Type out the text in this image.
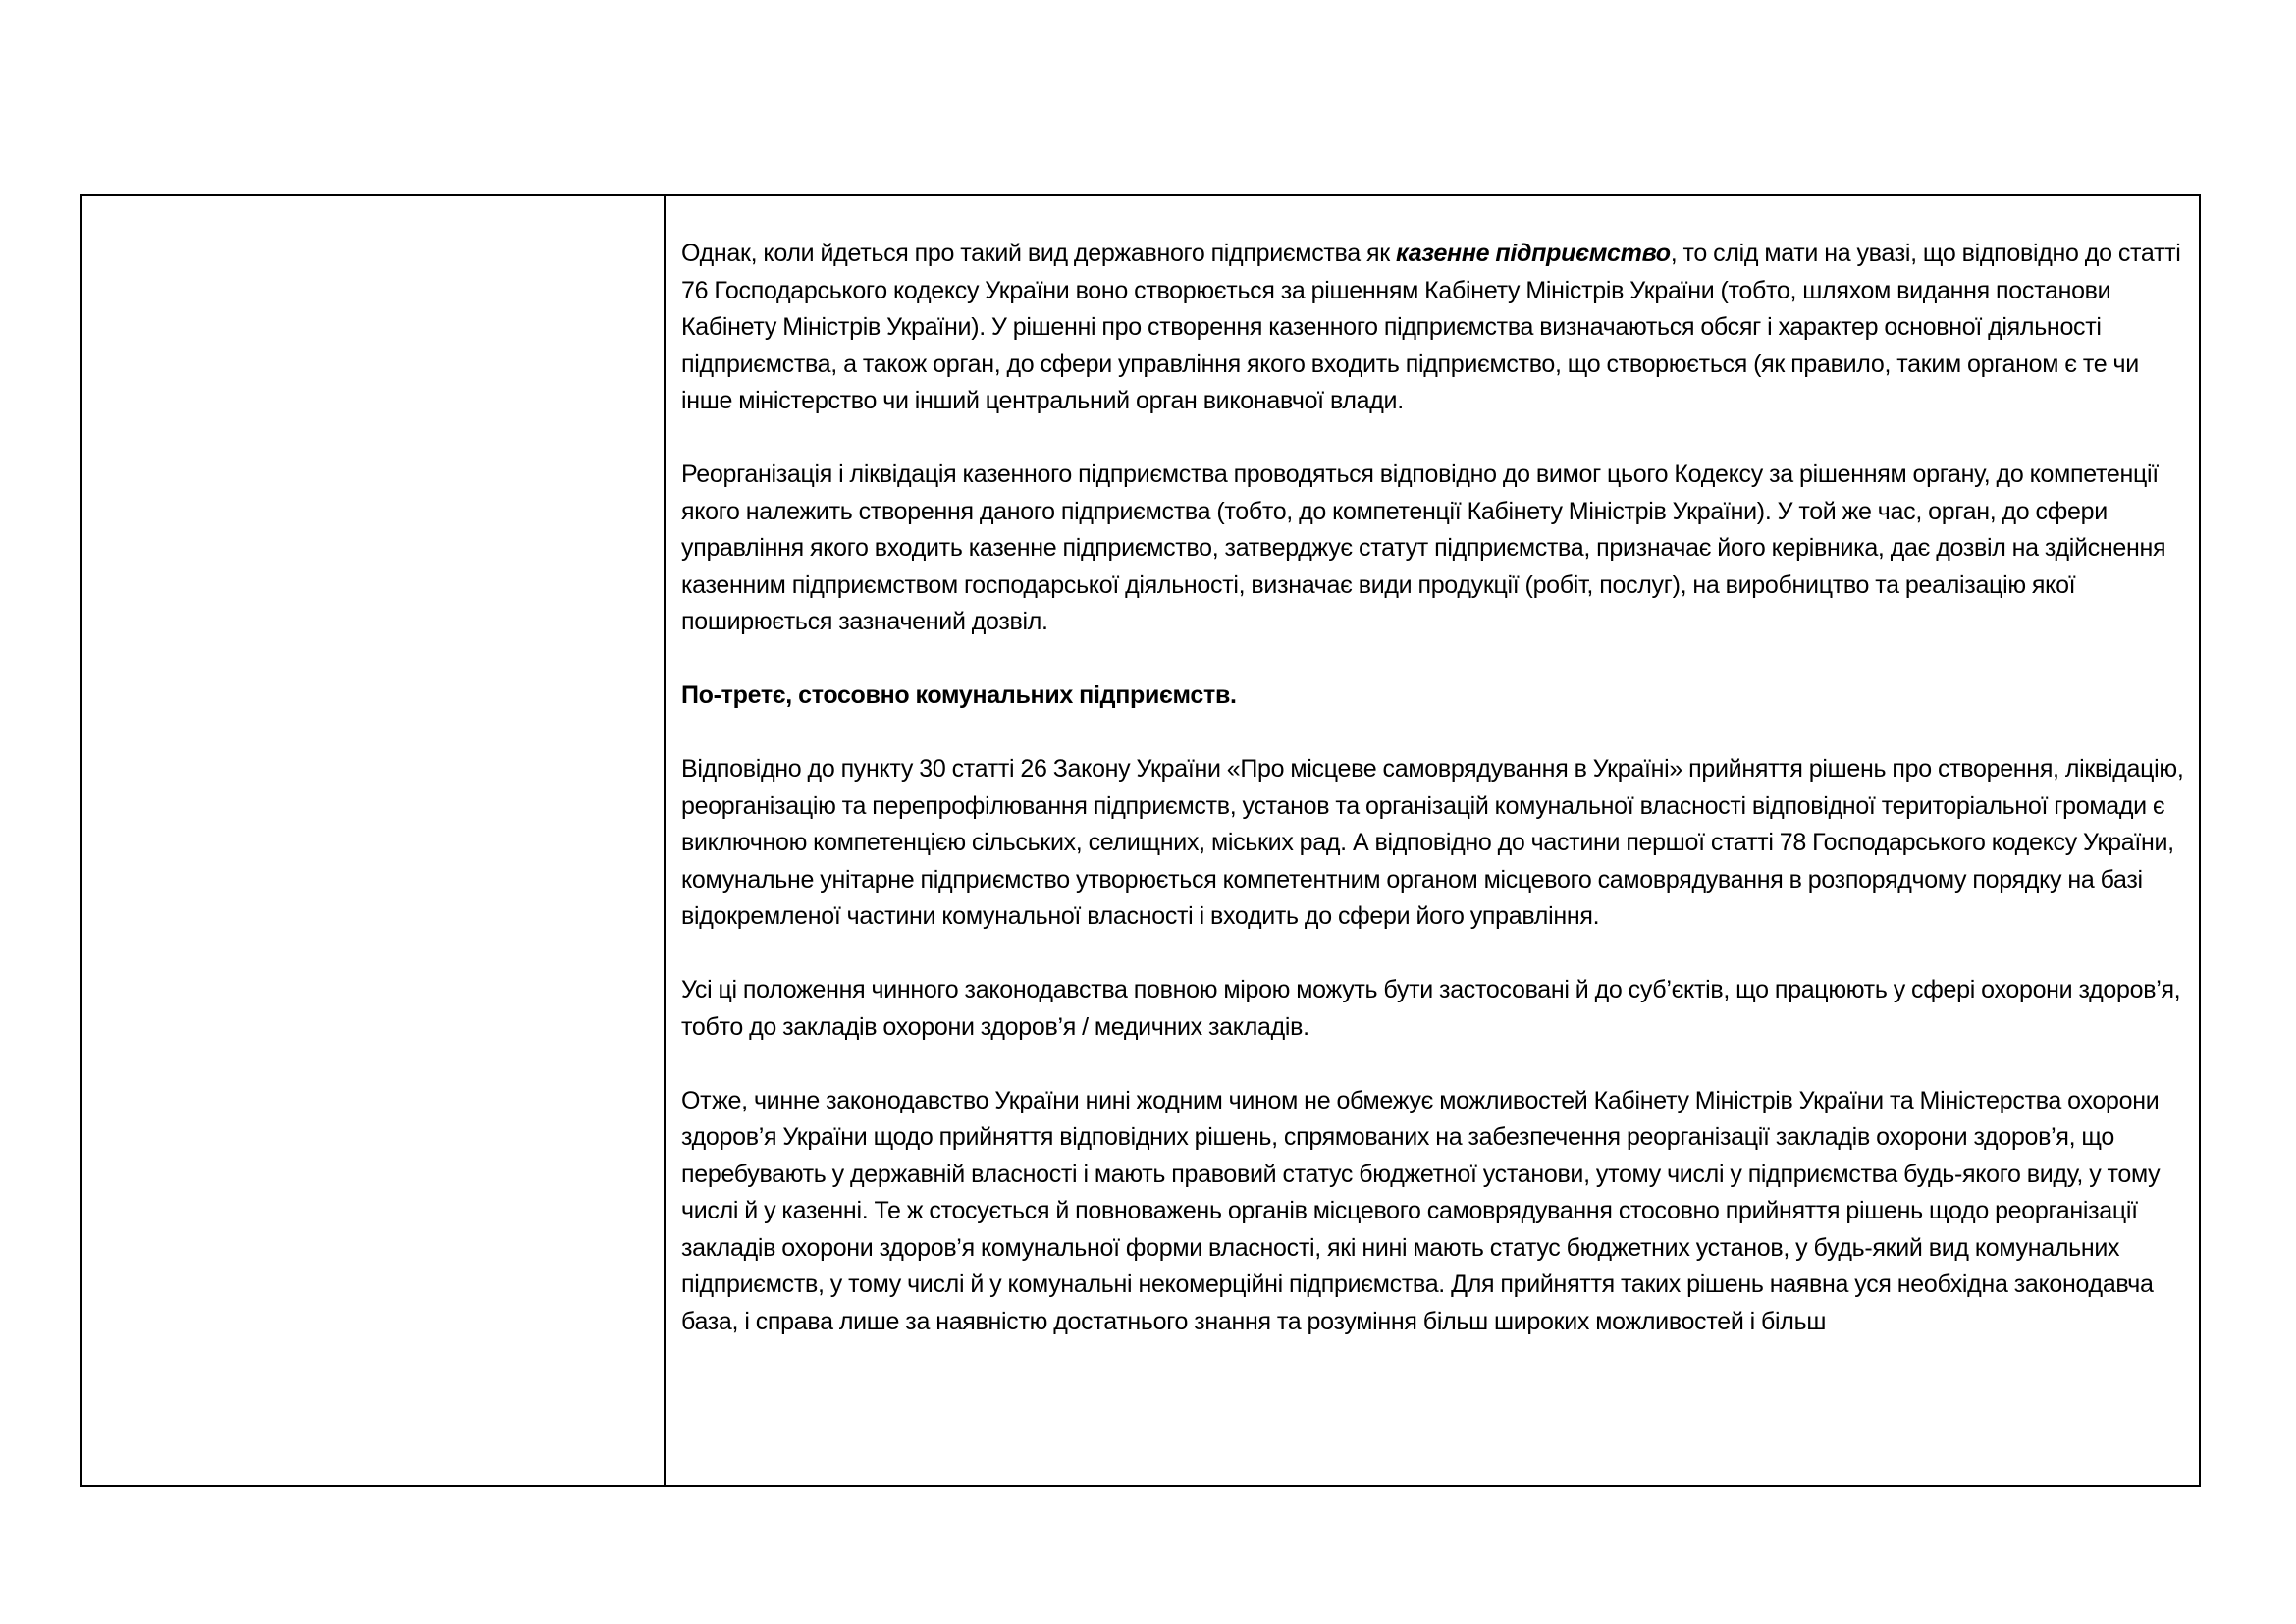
Однак, коли йдеться про такий вид державного підприємства як казенне підприємство, то слід мати на увазі, що відповідно до статті 76 Господарського кодексу України воно створюється за рішенням Кабінету Міністрів України (тобто, шляхом видання постанови Кабінету Міністрів України). У рішенні про створення казенного підприємства визначаються обсяг і характер основної діяльності підприємства, а також орган, до сфери управління якого входить підприємство, що створюється (як правило, таким органом є те чи інше міністерство чи інший центральний орган виконавчої влади.

Реорганізація і ліквідація казенного підприємства проводяться відповідно до вимог цього Кодексу за рішенням органу, до компетенції якого належить створення даного підприємства (тобто, до компетенції Кабінету Міністрів України). У той же час, орган, до сфери управління якого входить казенне підприємство, затверджує статут підприємства, призначає його керівника, дає дозвіл на здійснення казенним підприємством господарської діяльності, визначає види продукції (робіт, послуг), на виробництво та реалізацію якої поширюється зазначений дозвіл.

По-третє, стосовно комунальних підприємств.

Відповідно до пункту 30 статті 26 Закону України «Про місцеве самоврядування в Україні» прийняття рішень про створення, ліквідацію, реорганізацію та перепрофілювання підприємств, установ та організацій комунальної власності відповідної територіальної громади є виключною компетенцією сільських, селищних, міських рад. А відповідно до частини першої статті 78 Господарського кодексу України, комунальне унітарне підприємство утворюється компетентним органом місцевого самоврядування в розпорядчому порядку на базі відокремленої частини комунальної власності і входить до сфери його управління.

Усі ці положення чинного законодавства повною мірою можуть бути застосовані й до суб’єктів, що працюють у сфері охорони здоров’я, тобто до закладів охорони здоров’я / медичних закладів.

Отже, чинне законодавство України нині жодним чином не обмежує можливостей Кабінету Міністрів України та Міністерства охорони здоров’я України щодо прийняття відповідних рішень, спрямованих на забезпечення реорганізації закладів охорони здоров’я, що перебувають у державній власності і мають правовий статус бюджетної установи, утому числі у підприємства будь-якого виду, у тому числі й у казенні. Те ж стосується й повноважень органів місцевого самоврядування стосовно прийняття рішень щодо реорганізації закладів охорони здоров’я комунальної форми власності, які нині мають статус бюджетних установ, у будь-який вид комунальних підприємств, у тому числі й у комунальні некомерційні підприємства. Для прийняття таких рішень наявна уся необхідна законодавча база, і справа лише за наявністю достатнього знання та розуміння більш широких можливостей і більш
